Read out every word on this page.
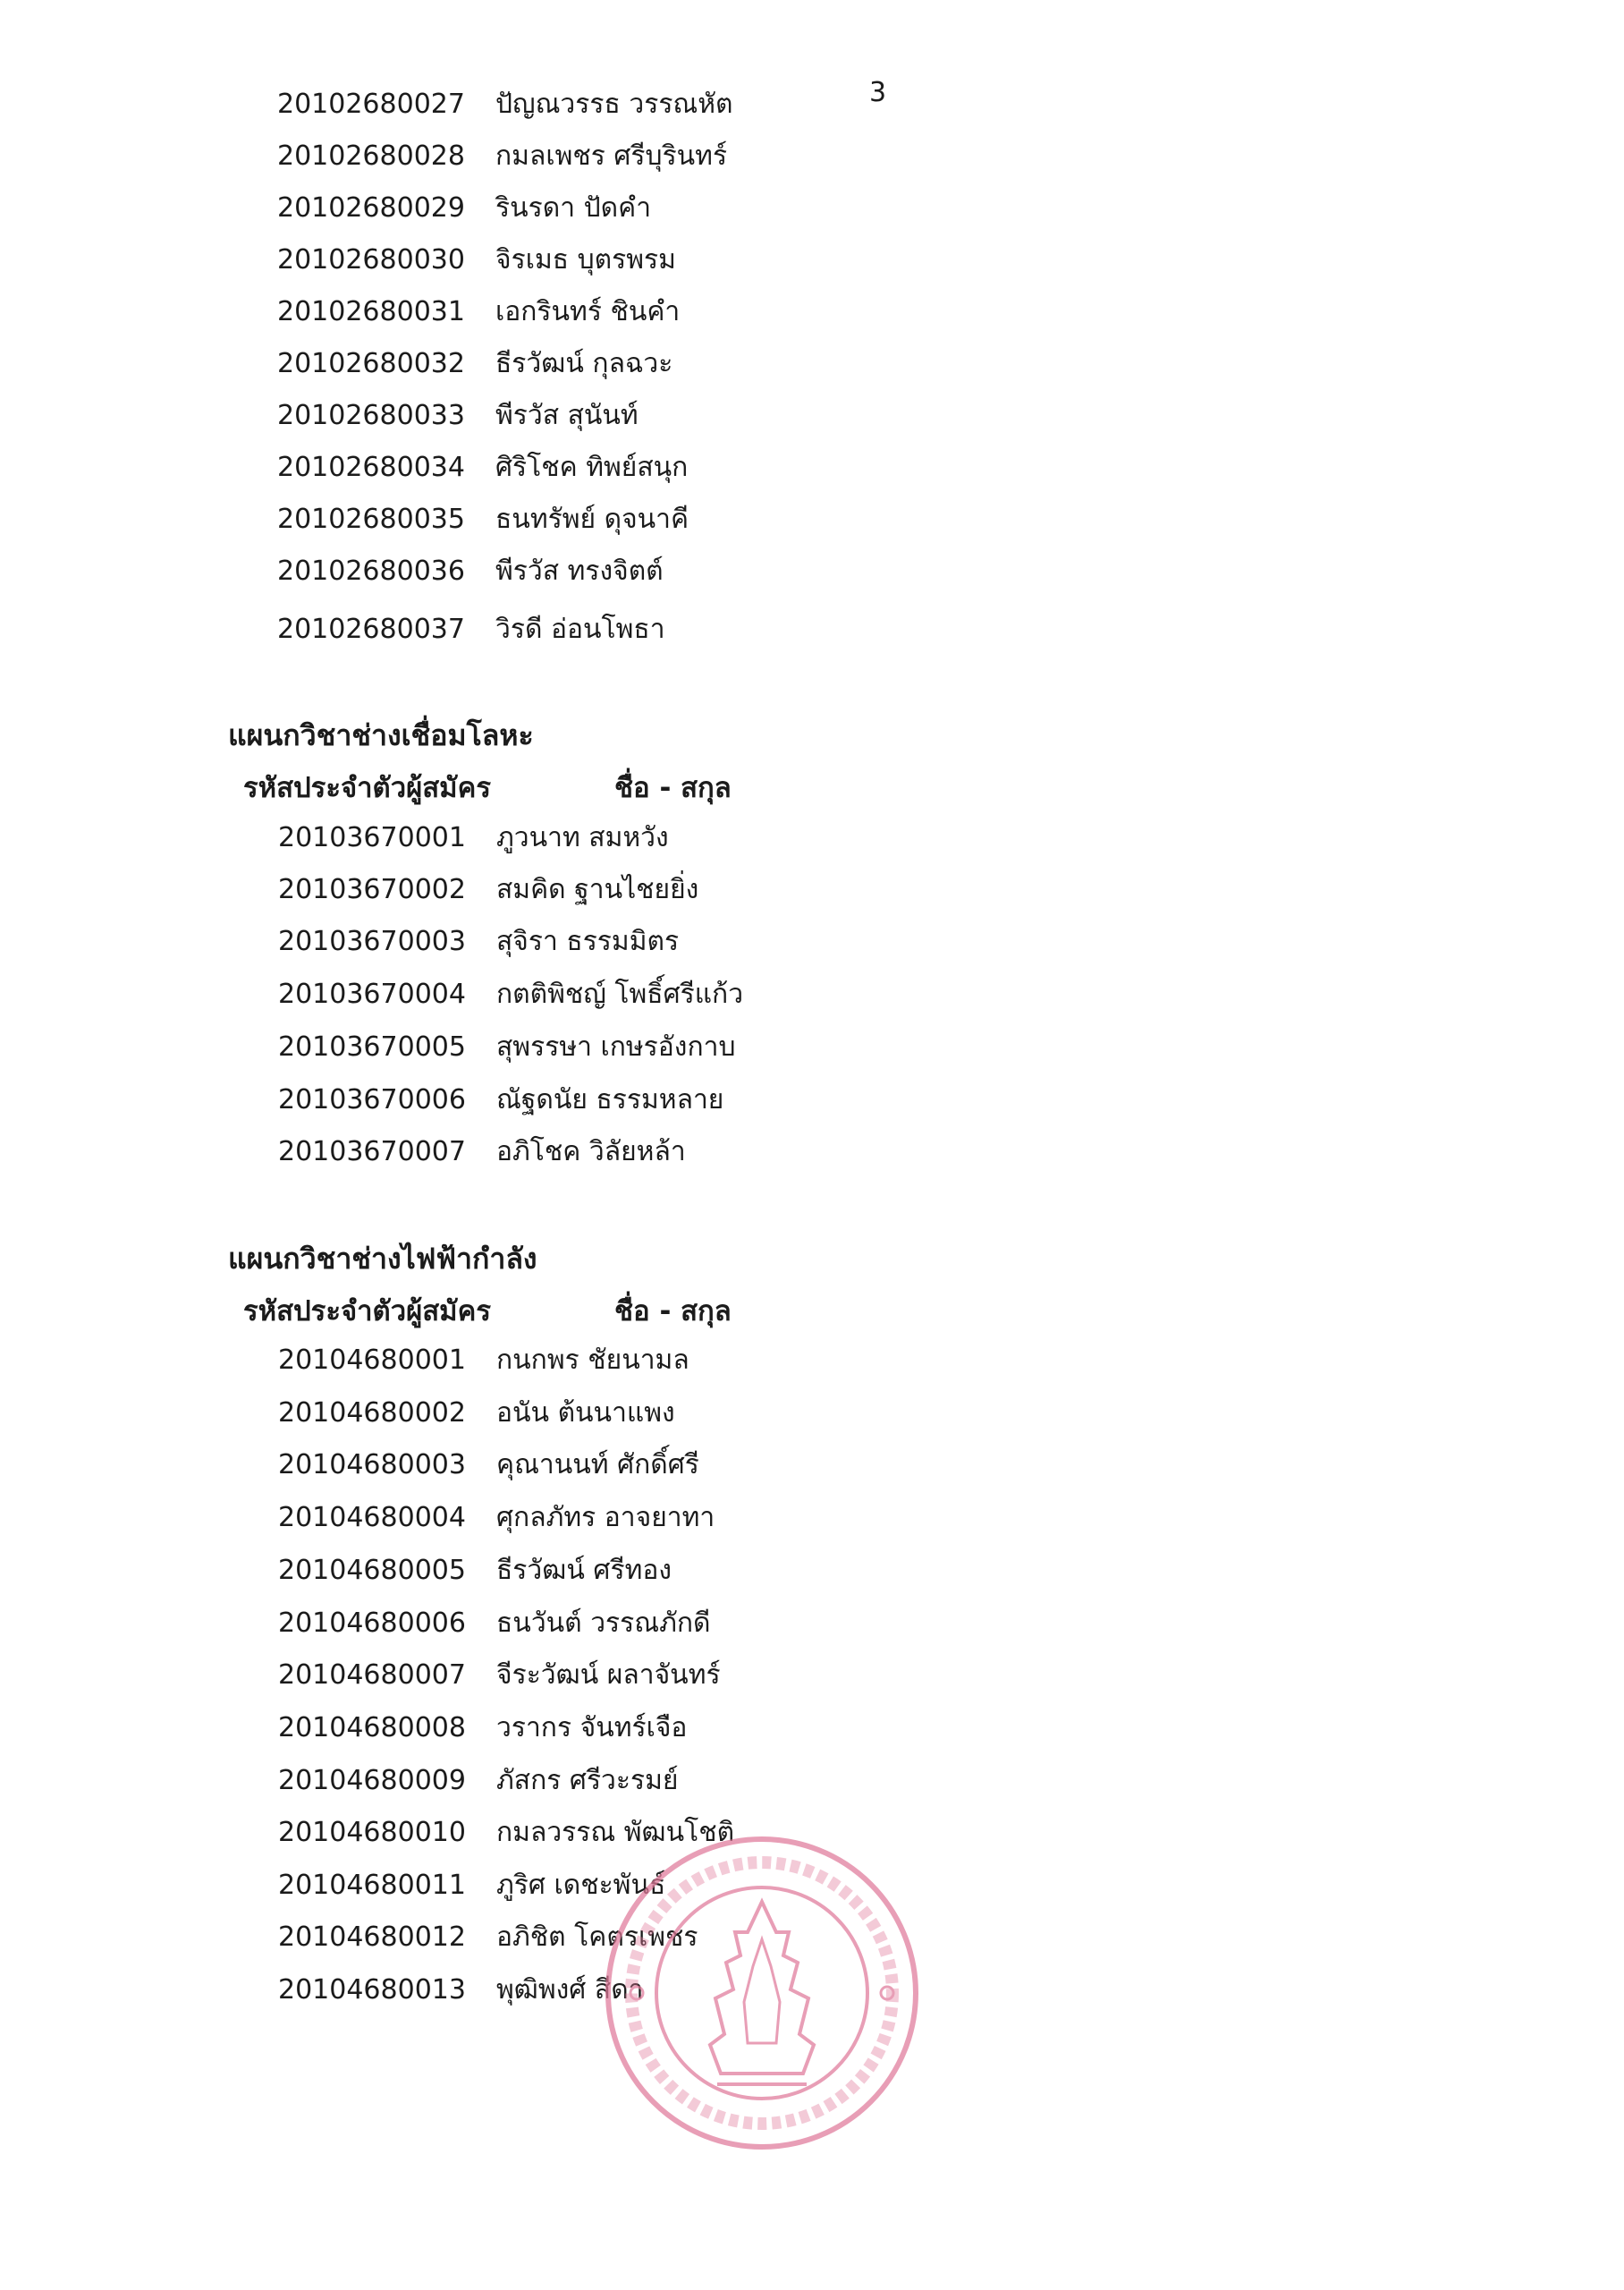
3
20102680027 ปัญณวรรธ วรรณหัต
20102680028 กมลเพชร ศรีบุรินทร์
20102680029 รินรดา ปัดคำ
20102680030 จิรเมธ บุตรพรม
20102680031 เอกรินทร์ ชินคำ
20102680032 ธีรวัฒน์ กุลฉวะ
20102680033 พีรวัส สุนันท์
20102680034 ศิริโชค ทิพย์สนุก
20102680035 ธนทรัพย์ ดุจนาคี
20102680036 พีรวัส ทรงจิตต์
20102680037 วิรดี อ่อนโพธา
แผนกวิชาช่างเชื่อมโลหะ
รหัสประจำตัวผู้สมัคร	ชื่อ - สกุล
20103670001 ภูวนาท สมหวัง
20103670002 สมคิด ฐานไชยยิ่ง
20103670003 สุจิรา ธรรมมิตร
20103670004 กตติพิชญ์ โพธิ์ศรีแก้ว
20103670005 สุพรรษา เกษรอังกาบ
20103670006 ณัฐดนัย ธรรมหลาย
20103670007 อภิโชค วิลัยหล้า
แผนกวิชาช่างไฟฟ้ากำลัง
รหัสประจำตัวผู้สมัคร	ชื่อ - สกุล
20104680001 กนกพร ชัยนามล
20104680002 อนัน ต้นนาแพง
20104680003 คุณานนท์ ศักดิ์ศรี
20104680004 ศุกลภัทร อาจยาทา
20104680005 ธีรวัฒน์ ศรีทอง
20104680006 ธนวันต์ วรรณภักดี
20104680007 จีระวัฒน์ ผลาจันทร์
20104680008 วรากร จันทร์เจือ
20104680009 ภัสกร ศรีวะรมย์
20104680010 กมลวรรณ พัฒนโชติ
20104680011 ภูริศ เดชะพันธ์
20104680012 อภิชิต โคตรเพชร
20104680013 พุฒิพงศ์ สีดา
